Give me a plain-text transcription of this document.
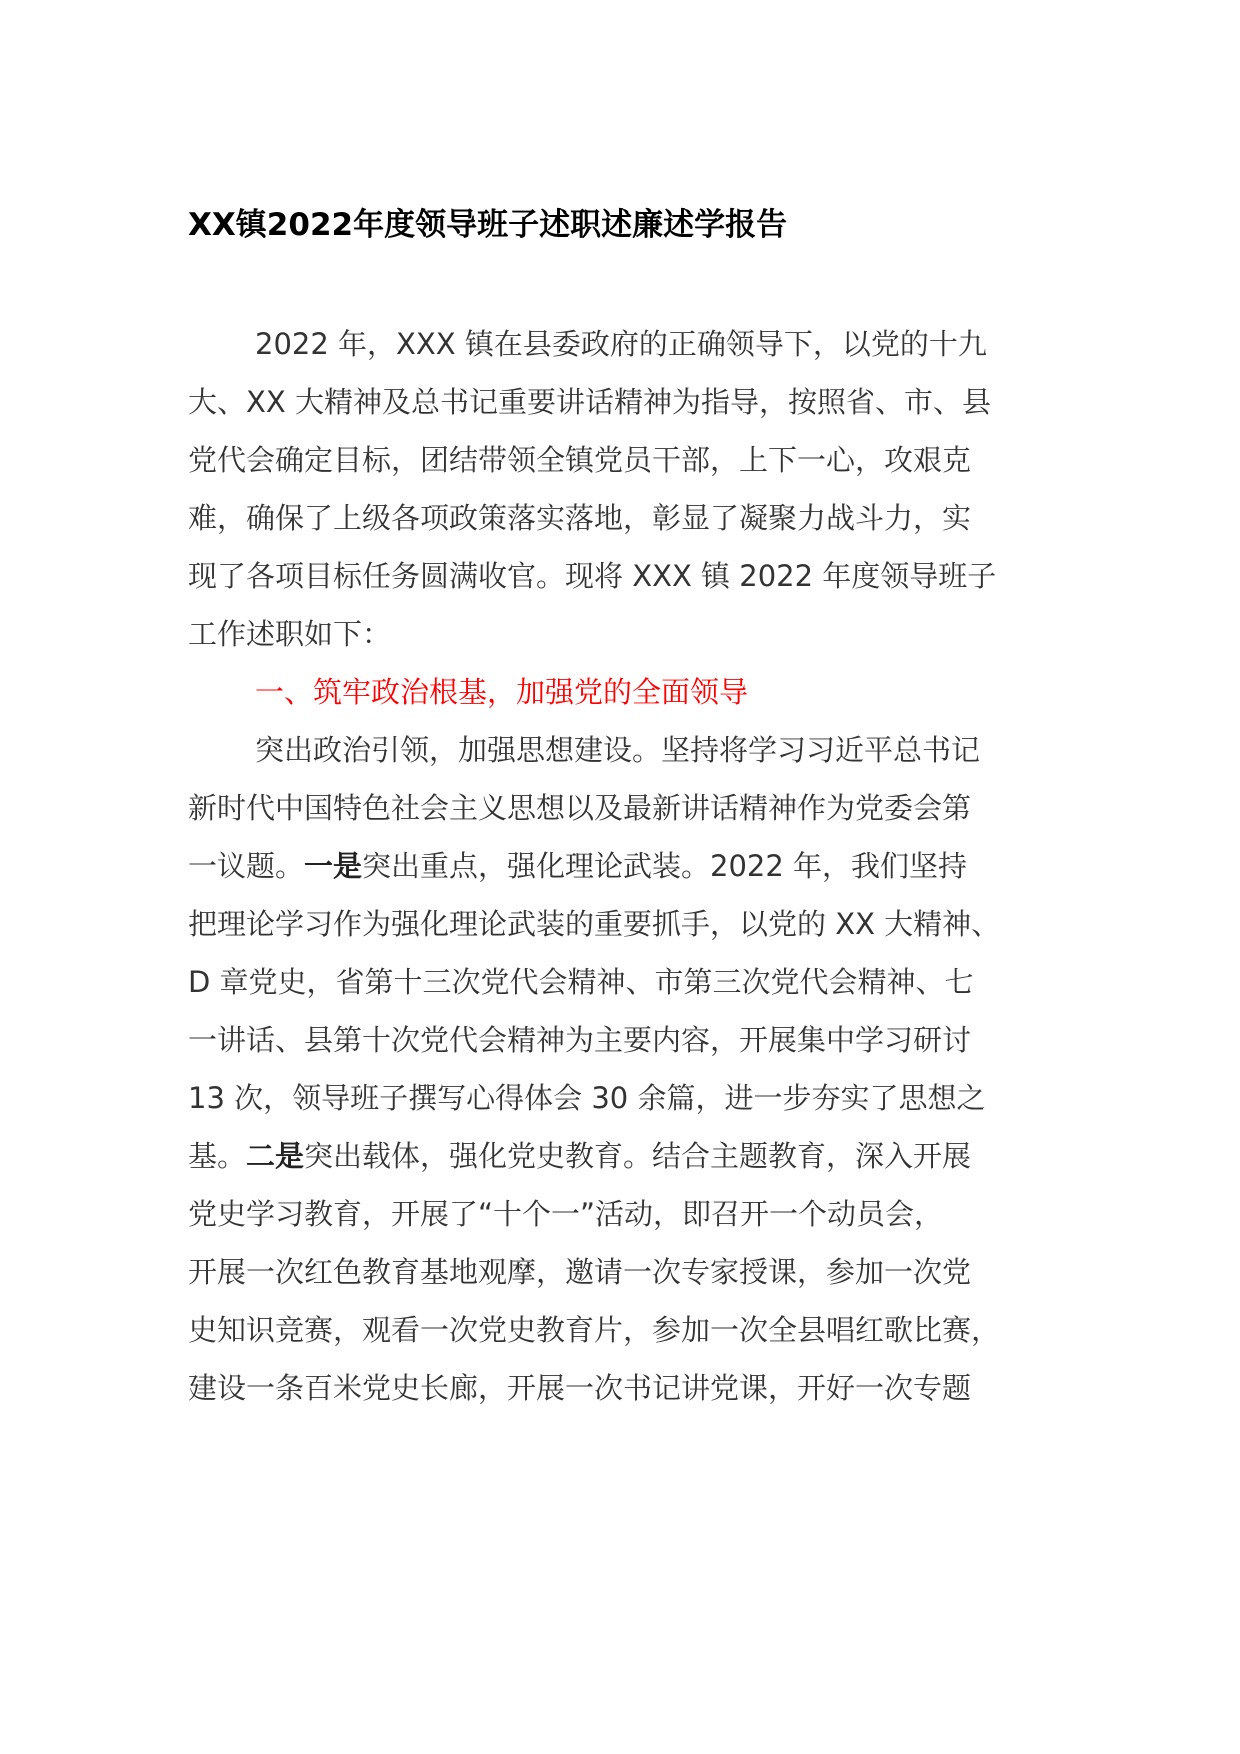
XX镇2022年度领导班子述职述廉述学报告

2022 年，XXX 镇在县委政府的正确领导下，以党的十九

大、XX 大精神及总书记重要讲话精神为指导，按照省、市、县

党代会确定目标，团结带领全镇党员干部，上下一心，攻艰克

难，确保了上级各项政策落实落地，彰显了凝聚力战斗力，实

现了各项目标任务圆满收官。现将 XXX 镇 2022 年度领导班子

工作述职如下：

一、筑牢政治根基，加强党的全面领导

突出政治引领，加强思想建设。坚持将学习习近平总书记

新时代中国特色社会主义思想以及最新讲话精神作为党委会第

一议题。一是突出重点，强化理论武装。2022 年，我们坚持

把理论学习作为强化理论武装的重要抓手，以党的 XX 大精神、

D 章党史，省第十三次党代会精神、市第三次党代会精神、七

一讲话、县第十次党代会精神为主要内容，开展集中学习研讨

13 次，领导班子撰写心得体会 30 余篇，进一步夯实了思想之

基。二是突出载体，强化党史教育。结合主题教育，深入开展

党史学习教育，开展了“十个一”活动，即召开一个动员会，

开展一次红色教育基地观摩，邀请一次专家授课，参加一次党

史知识竞赛，观看一次党史教育片，参加一次全县唱红歌比赛，

建设一条百米党史长廊，开展一次书记讲党课，开好一次专题
